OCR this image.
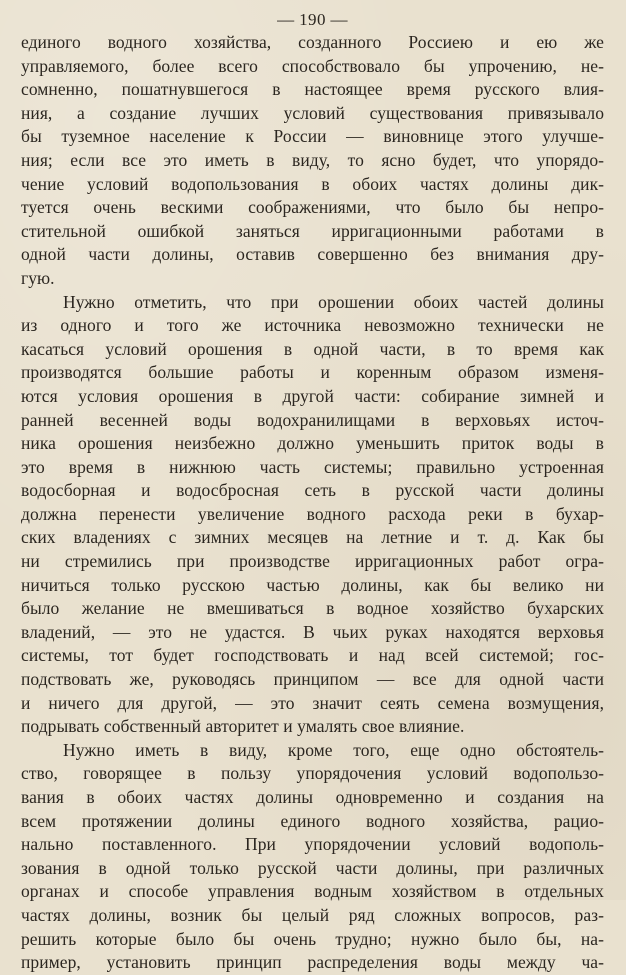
— 190 —
единого водного хозяйства, созданного Россиею и ею же
управляемого, более всего способствовало бы упрочению, не-
сомненно, пошатнувшегося в настоящее время русского влия-
ния, а создание лучших условий существования привязывало
бы туземное население к России — виновнице этого улучше-
ния; если все это иметь в виду, то ясно будет, что упорядо-
чение условий водопользования в обоих частях долины дик-
туется очень вескими соображениями, что было бы непро-
стительной ошибкой заняться ирригационными работами в
одной части долины, оставив совершенно без внимания дру-
гую.
Нужно отметить, что при орошении обоих частей долины
из одного и того же источника невозможно технически не
касаться условий орошения в одной части, в то время как
производятся большие работы и коренным образом изменя-
ются условия орошения в другой части: собирание зимней и
ранней весенней воды водохранилищами в верховьях источ-
ника орошения неизбежно должно уменьшить приток воды в
это время в нижнюю часть системы; правильно устроенная
водосборная и водосбросная сеть в русской части долины
должна перенести увеличение водного расхода реки в бухар-
ских владениях с зимних месяцев на летние и т. д. Как бы
ни стремились при производстве ирригационных работ огра-
ничиться только русскою частью долины, как бы велико ни
было желание не вмешиваться в водное хозяйство бухарских
владений, — это не удастся. В чьих руках находятся верховья
системы, тот будет господствовать и над всей системой; гос-
подствовать же, руководясь принципом — все для одной части
и ничего для другой, — это значит сеять семена возмущения,
подрывать собственный авторитет и умалять свое влияние.
Нужно иметь в виду, кроме того, еще одно обстоятель-
ство, говорящее в пользу упорядочения условий водопользо-
вания в обоих частях долины одновременно и создания на
всем протяжении долины единого водного хозяйства, рацио-
нально поставленного. При упорядочении условий водополь-
зования в одной только русской части долины, при различных
органах и способе управления водным хозяйством в отдельных
частях долины, возник бы целый ряд сложных вопросов, раз-
решить которые было бы очень трудно; нужно было бы, на-
пример, установить принцип распределения воды между ча-
